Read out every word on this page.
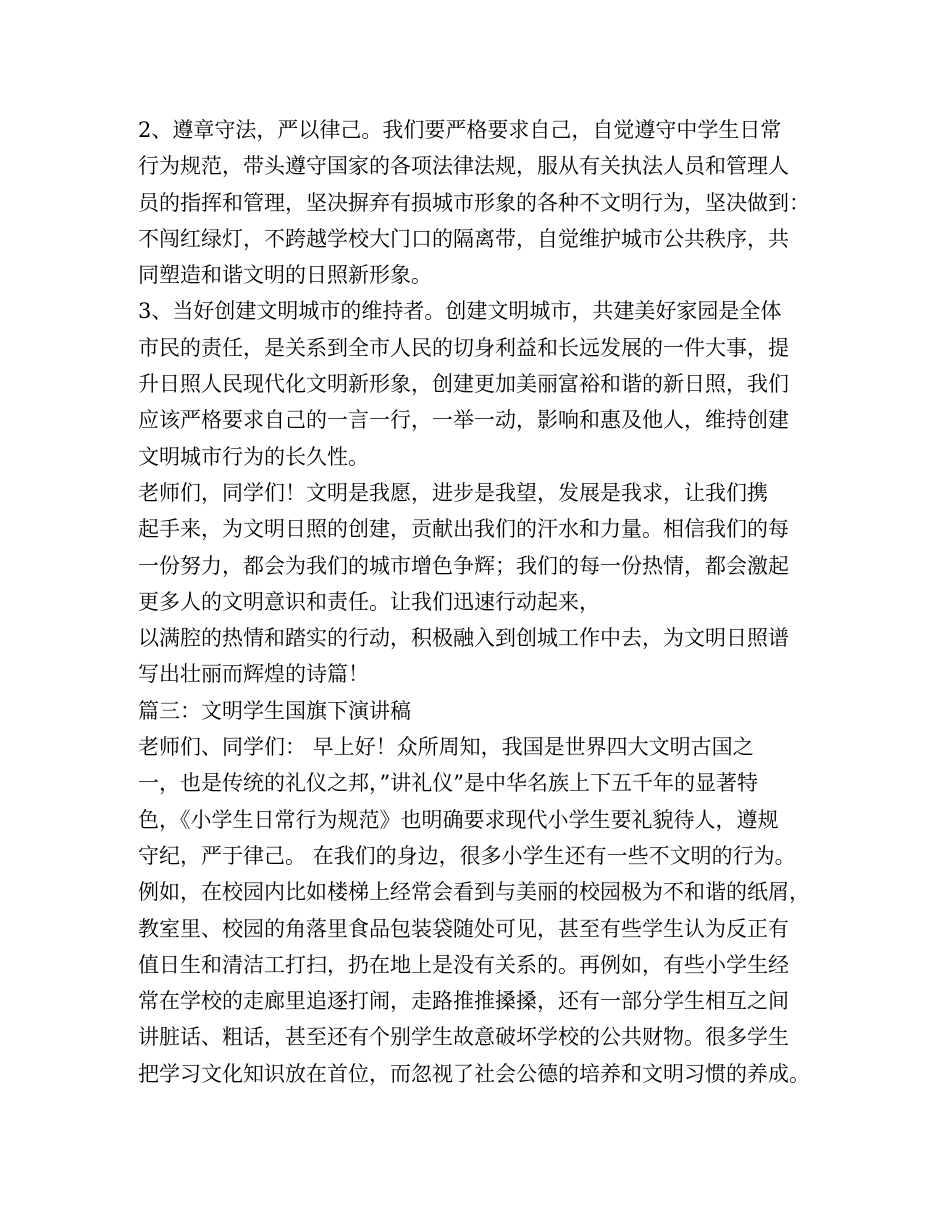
2、遵章守法，严以律己。我们要严格要求自己，自觉遵守中学生日常
行为规范，带头遵守国家的各项法律法规，服从有关执法人员和管理人
员的指挥和管理，坚决摒弃有损城市形象的各种不文明行为，坚决做到：
不闯红绿灯，不跨越学校大门口的隔离带，自觉维护城市公共秩序，共
同塑造和谐文明的日照新形象。
3、当好创建文明城市的维持者。创建文明城市，共建美好家园是全体
市民的责任，是关系到全市人民的切身利益和长远发展的一件大事，提
升日照人民现代化文明新形象，创建更加美丽富裕和谐的新日照，我们
应该严格要求自己的一言一行，一举一动，影响和惠及他人，维持创建
文明城市行为的长久性。
老师们，同学们！文明是我愿，进步是我望，发展是我求，让我们携
起手来，为文明日照的创建，贡献出我们的汗水和力量。相信我们的每
一份努力，都会为我们的城市增色争辉；我们的每一份热情，都会激起
更多人的文明意识和责任。让我们迅速行动起来，
以满腔的热情和踏实的行动，积极融入到创城工作中去，为文明日照谱
写出壮丽而辉煌的诗篇！
篇三：文明学生国旗下演讲稿
老师们、同学们： 早上好！众所周知，我国是世界四大文明古国之
一，也是传统的礼仪之邦，”讲礼仪”是中华名族上下五千年的显著特
色，《小学生日常行为规范》也明确要求现代小学生要礼貌待人，遵规
守纪，严于律己。 在我们的身边，很多小学生还有一些不文明的行为。
例如，在校园内比如楼梯上经常会看到与美丽的校园极为不和谐的纸屑，
教室里、校园的角落里食品包装袋随处可见，甚至有些学生认为反正有
值日生和清洁工打扫，扔在地上是没有关系的。再例如，有些小学生经
常在学校的走廊里追逐打闹，走路推推搡搡，还有一部分学生相互之间
讲脏话、粗话，甚至还有个别学生故意破坏学校的公共财物。很多学生
把学习文化知识放在首位，而忽视了社会公德的培养和文明习惯的养成。
